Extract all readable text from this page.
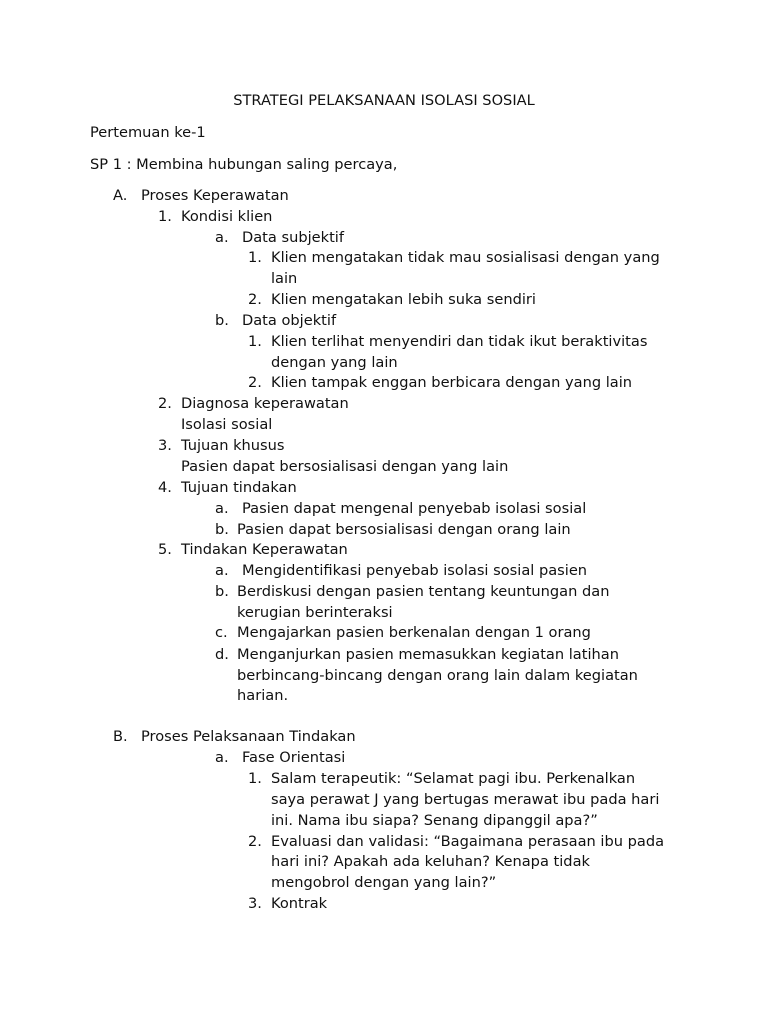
STRATEGI PELAKSANAAN ISOLASI SOSIAL
Pertemuan ke-1
SP 1 : Membina hubungan saling percaya,
A. Proses Keperawatan
1. Kondisi klien
a. Data subjektif
1. Klien mengatakan tidak mau sosialisasi dengan yang
lain
2. Klien mengatakan lebih suka sendiri
b. Data objektif
1. Klien terlihat menyendiri dan tidak ikut beraktivitas
dengan yang lain
2. Klien tampak enggan berbicara dengan yang lain
2. Diagnosa keperawatan
Isolasi sosial
3. Tujuan khusus
Pasien dapat bersosialisasi dengan yang lain
4. Tujuan tindakan
a. Pasien dapat mengenal penyebab isolasi sosial
b. Pasien dapat bersosialisasi dengan orang lain
5. Tindakan Keperawatan
a. Mengidentifikasi penyebab isolasi sosial pasien
b. Berdiskusi dengan pasien tentang keuntungan dan
kerugian berinteraksi
c. Mengajarkan pasien berkenalan dengan 1 orang
d. Menganjurkan pasien memasukkan kegiatan latihan
berbincang-bincang dengan orang lain dalam kegiatan
harian.
B. Proses Pelaksanaan Tindakan
a. Fase Orientasi
1. Salam terapeutik: “Selamat pagi ibu. Perkenalkan
saya perawat J yang bertugas merawat ibu pada hari
ini. Nama ibu siapa? Senang dipanggil apa?”
2. Evaluasi dan validasi: “Bagaimana perasaan ibu pada
hari ini? Apakah ada keluhan? Kenapa tidak
mengobrol dengan yang lain?”
3. Kontrak
